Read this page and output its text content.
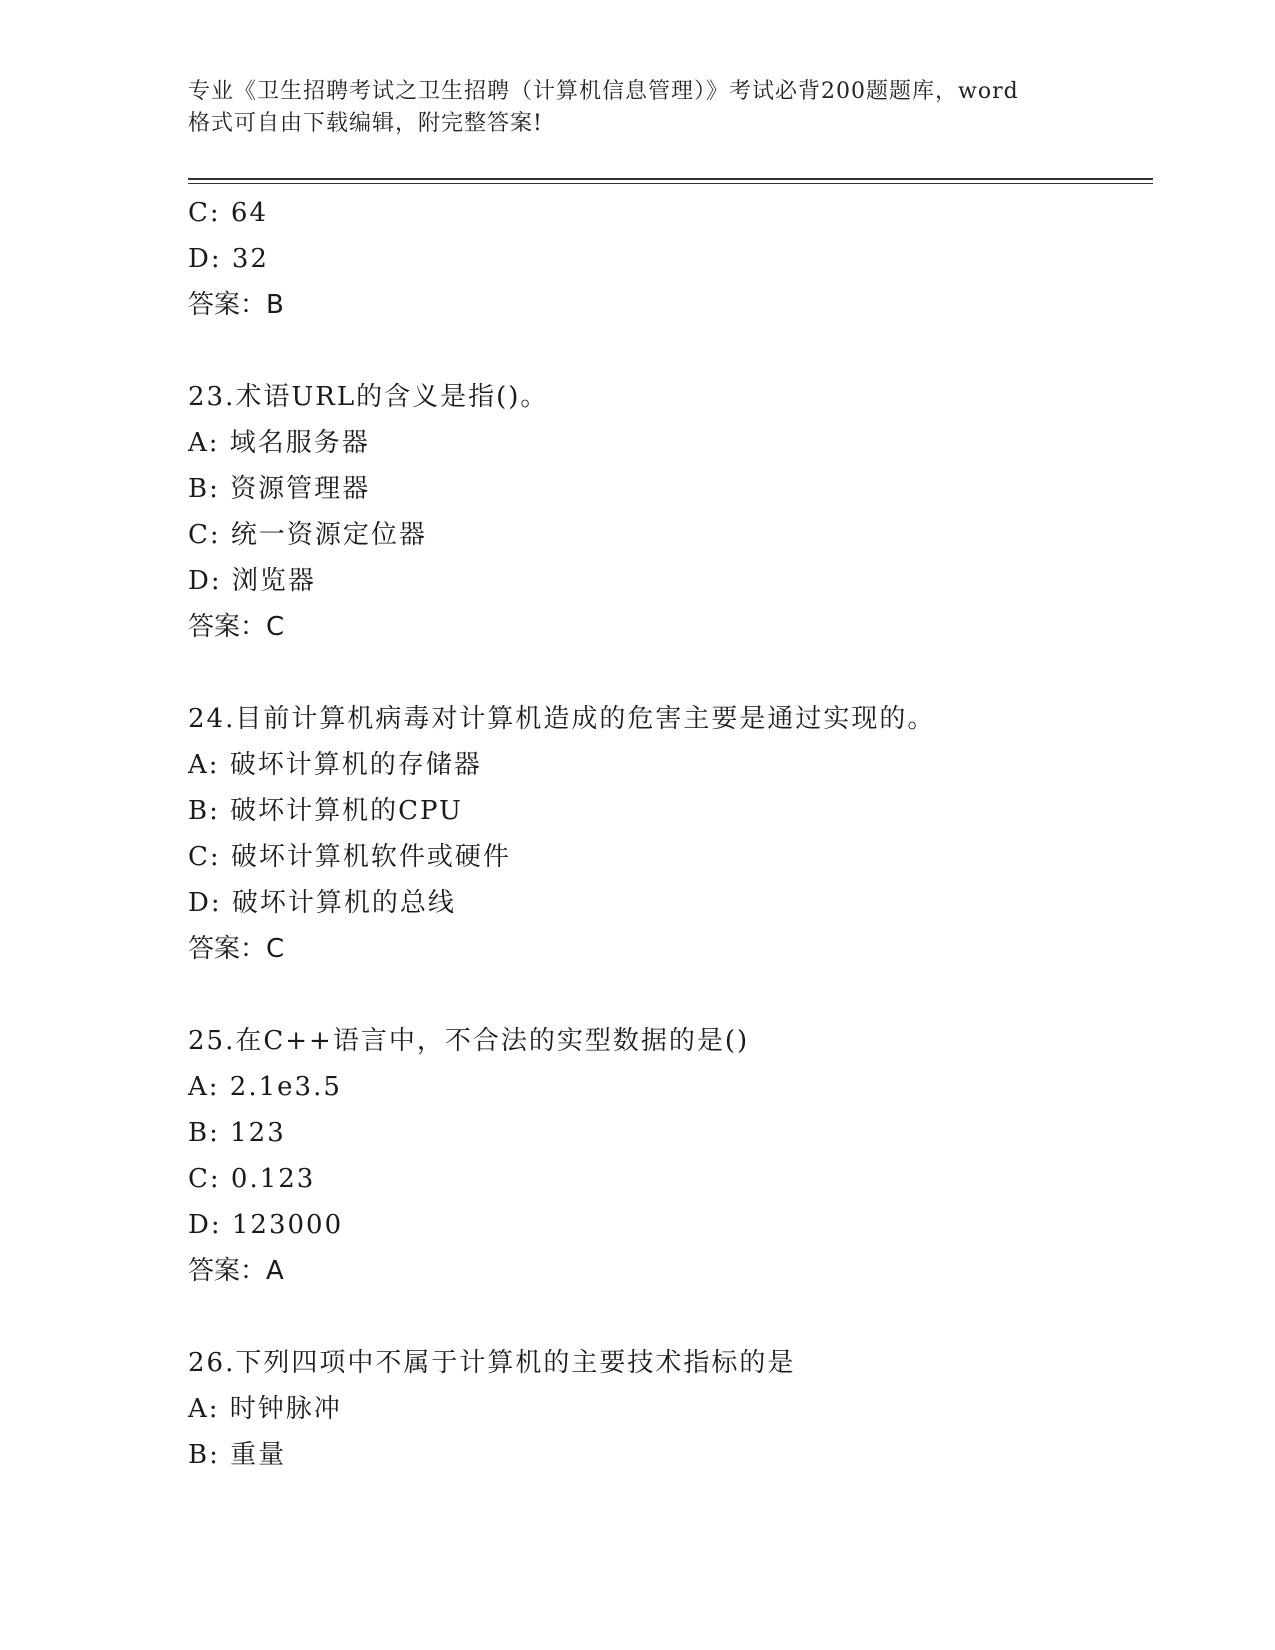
专业《卫生招聘考试之卫生招聘（计算机信息管理）》考试必背200题题库，word
格式可自由下载编辑，附完整答案!
C: 64
D: 32
答案：B
23.术语URL的含义是指()。
A: 域名服务器
B: 资源管理器
C: 统一资源定位器
D: 浏览器
答案：C
24.目前计算机病毒对计算机造成的危害主要是通过实现的。
A: 破坏计算机的存储器
B: 破坏计算机的CPU
C: 破坏计算机软件或硬件
D: 破坏计算机的总线
答案：C
25.在C++语言中，不合法的实型数据的是()
A: 2.1e3.5
B: 123
C: 0.123
D: 123000
答案：A
26.下列四项中不属于计算机的主要技术指标的是
A: 时钟脉冲
B: 重量
